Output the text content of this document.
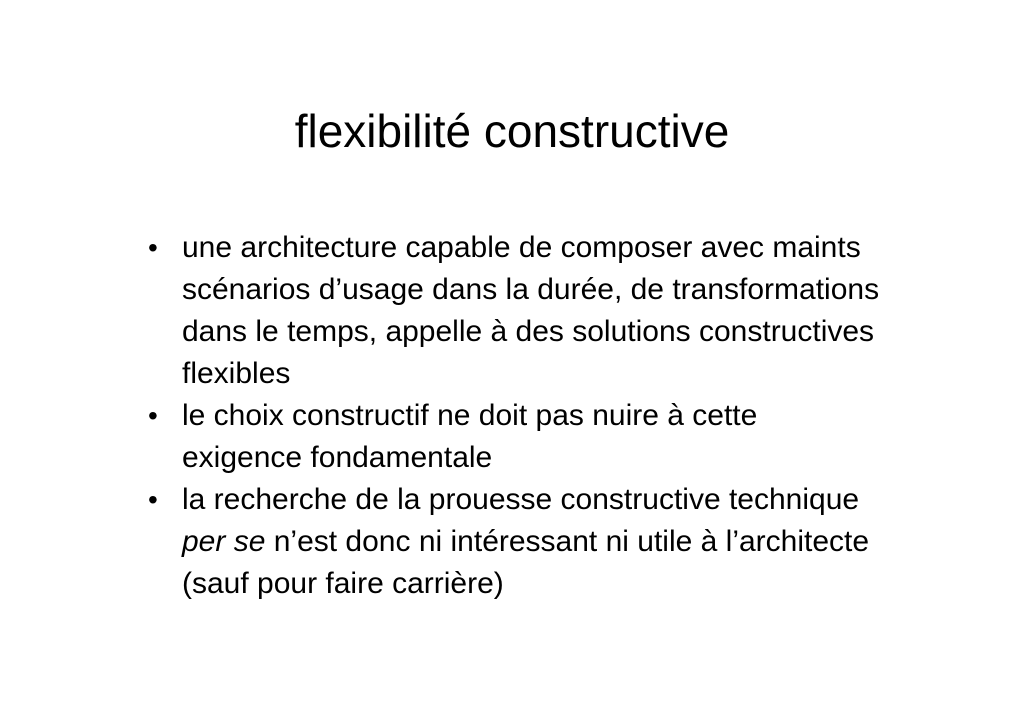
flexibilité constructive
• une architecture capable de composer avec maints scénarios d’usage dans la durée, de transformations dans le temps, appelle à des solutions constructives flexibles
• le choix constructif ne doit pas nuire à cette exigence fondamentale
• la recherche de la prouesse constructive technique per se n’est donc ni intéressant ni utile à l’architecte (sauf pour faire carrière)
